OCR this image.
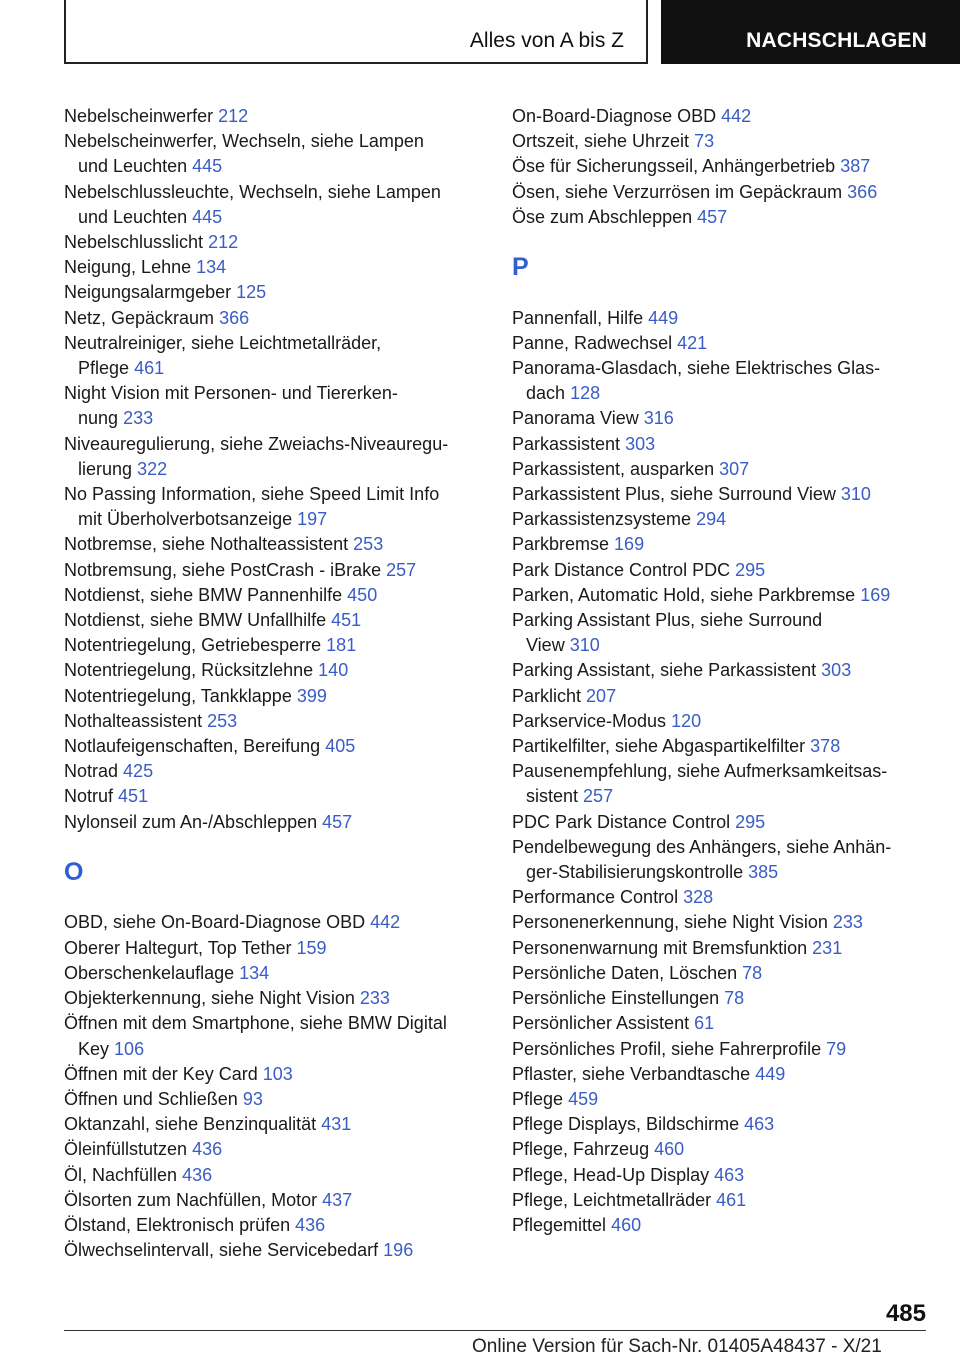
Alles von A bis Z	NACHSCHLAGEN
Nebelscheinwerfer 212
Nebelscheinwerfer, Wechseln, siehe Lampen
und Leuchten 445
Nebelschlussleuchte, Wechseln, siehe Lampen
und Leuchten 445
Nebelschlusslicht 212
Neigung, Lehne 134
Neigungsalarmgeber 125
Netz, Gepäckraum 366
Neutralreiniger, siehe Leichtmetallräder,
Pflege 461
Night Vision mit Personen- und Tiererken-
nung 233
Niveauregulierung, siehe Zweiachs-Niveauregu-
lierung 322
No Passing Information, siehe Speed Limit Info
mit Überholverbotsanzeige 197
Notbremse, siehe Nothalteassistent 253
Notbremsung, siehe PostCrash - iBrake 257
Notdienst, siehe BMW Pannenhilfe 450
Notdienst, siehe BMW Unfallhilfe 451
Notentriegelung, Getriebesperre 181
Notentriegelung, Rücksitzlehne 140
Notentriegelung, Tankklappe 399
Nothalteassistent 253
Notlaufeigenschaften, Bereifung 405
Notrad 425
Notruf 451
Nylonseil zum An-/Abschleppen 457
O
OBD, siehe On-Board-Diagnose OBD 442
Oberer Haltegurt, Top Tether 159
Oberschenkelauflage 134
Objekterkennung, siehe Night Vision 233
Öffnen mit dem Smartphone, siehe BMW Digital
Key 106
Öffnen mit der Key Card 103
Öffnen und Schließen 93
Oktanzahl, siehe Benzinqualität 431
Öleinfüllstutzen 436
Öl, Nachfüllen 436
Ölsorten zum Nachfüllen, Motor 437
Ölstand, Elektronisch prüfen 436
Ölwechselintervall, siehe Servicebedarf 196
On-Board-Diagnose OBD 442
Ortszeit, siehe Uhrzeit 73
Öse für Sicherungsseil, Anhängerbetrieb 387
Ösen, siehe Verzurrösen im Gepäckraum 366
Öse zum Abschleppen 457
P
Pannenfall, Hilfe 449
Panne, Radwechsel 421
Panorama-Glasdach, siehe Elektrisches Glas-
dach 128
Panorama View 316
Parkassistent 303
Parkassistent, ausparken 307
Parkassistent Plus, siehe Surround View 310
Parkassistenzsysteme 294
Parkbremse 169
Park Distance Control PDC 295
Parken, Automatic Hold, siehe Parkbremse 169
Parking Assistant Plus, siehe Surround
View 310
Parking Assistant, siehe Parkassistent 303
Parklicht 207
Parkservice-Modus 120
Partikelfilter, siehe Abgaspartikelfilter 378
Pausenempfehlung, siehe Aufmerksamkeitsas-
sistent 257
PDC Park Distance Control 295
Pendelbewegung des Anhängers, siehe Anhän-
ger-Stabilisierungskontrolle 385
Performance Control 328
Personenerkennung, siehe Night Vision 233
Personenwarnung mit Bremsfunktion 231
Persönliche Daten, Löschen 78
Persönliche Einstellungen 78
Persönlicher Assistent 61
Persönliches Profil, siehe Fahrerprofile 79
Pflaster, siehe Verbandtasche 449
Pflege 459
Pflege Displays, Bildschirme 463
Pflege, Fahrzeug 460
Pflege, Head-Up Display 463
Pflege, Leichtmetallräder 461
Pflegemittel 460
485
Online Version für Sach-Nr. 01405A48437 - X/21
